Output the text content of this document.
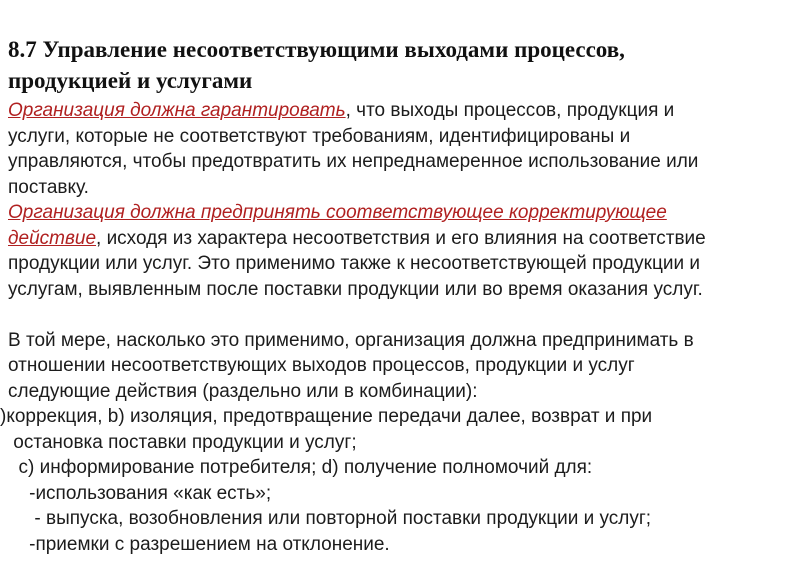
8.7 Управление несоответствующими выходами процессов,
продукцией и услугами
Организация должна гарантировать, что выходы процессов, продукция и
услуги, которые не соответствуют требованиям, идентифицированы и
управляются, чтобы предотвратить их непреднамеренное использование или
поставку.
Организация должна предпринять соответствующее корректирующее
действие, исходя из характера несоответствия и его влияния на соответствие
продукции или услуг. Это применимо также к несоответствующей продукции и
услугам, выявленным после поставки продукции или во время оказания услуг.
В той мере, насколько это применимо, организация должна предпринимать в
отношении несоответствующих выходов процессов, продукции и услуг
следующие действия (раздельно или в комбинации):
)коррекция, b) изоляция, предотвращение передачи далее, возврат и при
остановка поставки продукции и услуг;
c) информирование потребителя; d) получение полномочий для:
-использования «как есть»;
- выпуска, возобновления или повторной поставки продукции и услуг;
-приемки с разрешением на отклонение.
